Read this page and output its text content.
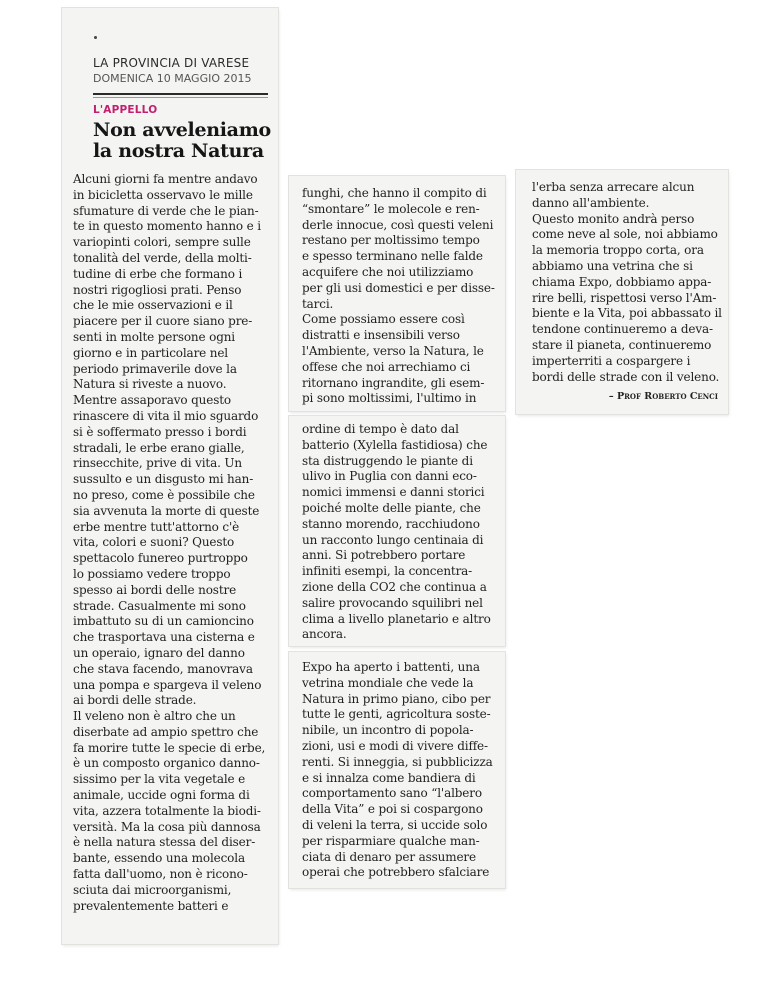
LA PROVINCIA DI VARESE
DOMENICA 10 MAGGIO 2015
L'APPELLO
Non avveleniamo
la nostra Natura
Alcuni giorni fa mentre andavo
in bicicletta osservavo le mille
sfumature di verde che le pian-
te in questo momento hanno e i
variopinti colori, sempre sulle
tonalità del verde, della molti-
tudine di erbe che formano i
nostri rigogliosi prati. Penso
che le mie osservazioni e il
piacere per il cuore siano pre-
senti in molte persone ogni
giorno e in particolare nel
periodo primaverile dove la
Natura si riveste a nuovo.
Mentre assaporavo questo
rinascere di vita il mio sguardo
si è soffermato presso i bordi
stradali, le erbe erano gialle,
rinsecchite, prive di vita. Un
sussulto e un disgusto mi han-
no preso, come è possibile che
sia avvenuta la morte di queste
erbe mentre tutt'attorno c'è
vita, colori e suoni? Questo
spettacolo funereo purtroppo
lo possiamo vedere troppo
spesso ai bordi delle nostre
strade. Casualmente mi sono
imbattuto su di un camioncino
che trasportava una cisterna e
un operaio, ignaro del danno
che stava facendo, manovrava
una pompa e spargeva il veleno
ai bordi delle strade.
Il veleno non è altro che un
diserbate ad ampio spettro che
fa morire tutte le specie di erbe,
è un composto organico danno-
sissimo per la vita vegetale e
animale, uccide ogni forma di
vita, azzera totalmente la biodi-
versità. Ma la cosa più dannosa
è nella natura stessa del diser-
bante, essendo una molecola
fatta dall'uomo, non è ricono-
sciuta dai microorganismi,
prevalentemente batteri e
funghi, che hanno il compito di
“smontare” le molecole e ren-
derle innocue, così questi veleni
restano per moltissimo tempo
e spesso terminano nelle falde
acquifere che noi utilizziamo
per gli usi domestici e per disse-
tarci.
Come possiamo essere così
distratti e insensibili verso
l'Ambiente, verso la Natura, le
offese che noi arrechiamo ci
ritornano ingrandite, gli esem-
pi sono moltissimi, l'ultimo in
ordine di tempo è dato dal
batterio (Xylella fastidiosa) che
sta distruggendo le piante di
ulivo in Puglia con danni eco-
nomici immensi e danni storici
poiché molte delle piante, che
stanno morendo, racchiudono
un racconto lungo centinaia di
anni. Si potrebbero portare
infiniti esempi, la concentra-
zione della CO2 che continua a
salire provocando squilibri nel
clima a livello planetario e altro
ancora.
Expo ha aperto i battenti, una
vetrina mondiale che vede la
Natura in primo piano, cibo per
tutte le genti, agricoltura soste-
nibile, un incontro di popola-
zioni, usi e modi di vivere diffe-
renti. Si inneggia, si pubblicizza
e si innalza come bandiera di
comportamento sano “l'albero
della Vita” e poi si cospargono
di veleni la terra, si uccide solo
per risparmiare qualche man-
ciata di denaro per assumere
operai che potrebbero sfalciare
l'erba senza arrecare alcun
danno all'ambiente.
Questo monito andrà perso
come neve al sole, noi abbiamo
la memoria troppo corta, ora
abbiamo una vetrina che si
chiama Expo, dobbiamo appa-
rire belli, rispettosi verso l'Am-
biente e la Vita, poi abbassato il
tendone continueremo a deva-
stare il pianeta, continueremo
imperterriti a cospargere i
bordi delle strade con il veleno.
– Prof Roberto Cenci
